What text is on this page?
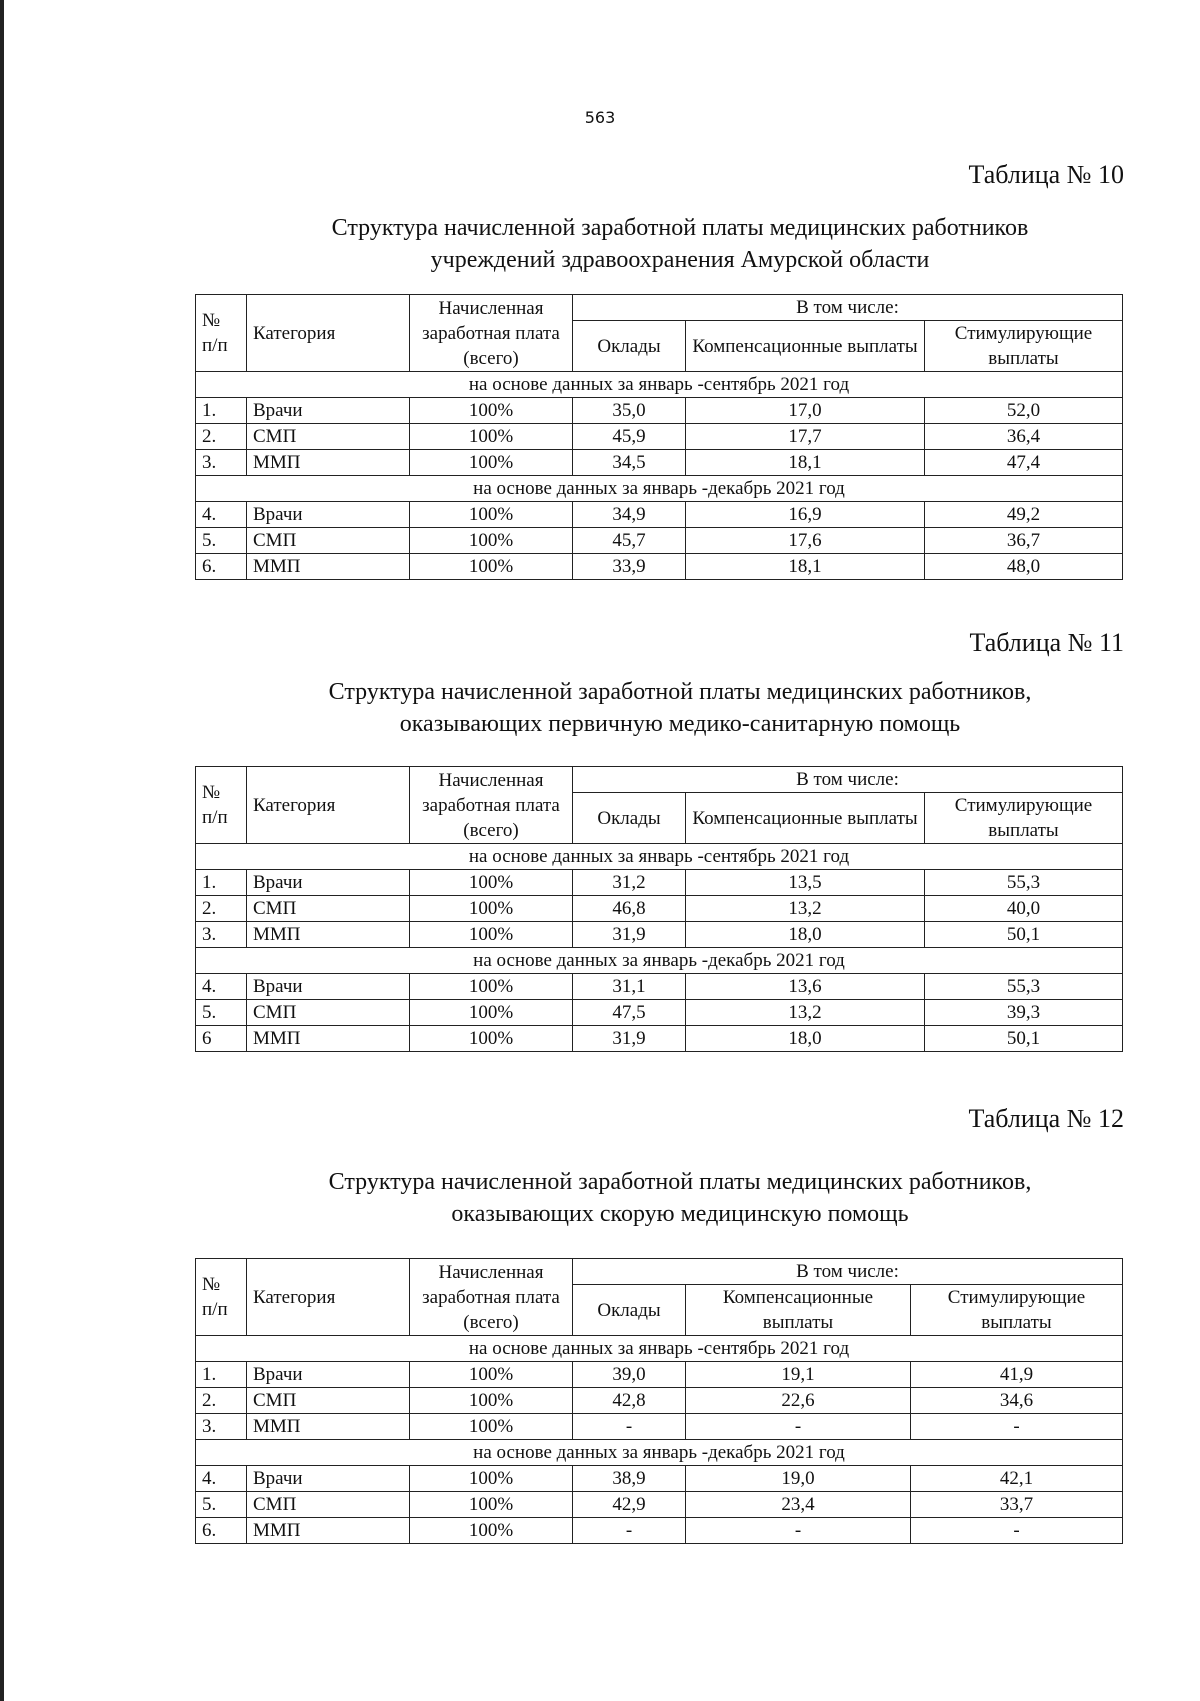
563
Таблица № 10
Структура начисленной заработной платы медицинских работников
учреждений здравоохранения Амурской области
№ п/п	Категория	Начисленная заработная плата (всего)	В том числе:		
			Оклады	Компенсационные выплаты	Стимулирующие выплаты
на основе данных за январь -сентябрь 2021 год					
1.	Врачи	100%	35,0	17,0	52,0
2.	СМП	100%	45,9	17,7	36,4
3.	ММП	100%	34,5	18,1	47,4
на основе данных за январь -декабрь 2021 год					
4.	Врачи	100%	34,9	16,9	49,2
5.	СМП	100%	45,7	17,6	36,7
6.	ММП	100%	33,9	18,1	48,0
Таблица № 11
Структура начисленной заработной платы медицинских работников,
оказывающих первичную медико-санитарную помощь
№ п/п	Категория	Начисленная заработная плата (всего)	В том числе:		
			Оклады	Компенсационные выплаты	Стимулирующие выплаты
на основе данных за январь -сентябрь 2021 год					
1.	Врачи	100%	31,2	13,5	55,3
2.	СМП	100%	46,8	13,2	40,0
3.	ММП	100%	31,9	18,0	50,1
на основе данных за январь -декабрь 2021 год					
4.	Врачи	100%	31,1	13,6	55,3
5.	СМП	100%	47,5	13,2	39,3
6	ММП	100%	31,9	18,0	50,1
Таблица № 12
Структура начисленной заработной платы медицинских работников,
оказывающих скорую медицинскую помощь
№ п/п	Категория	Начисленная заработная плата (всего)	В том числе:		
			Оклады	Компенсационные выплаты	Стимулирующие выплаты
на основе данных за январь -сентябрь 2021 год					
1.	Врачи	100%	39,0	19,1	41,9
2.	СМП	100%	42,8	22,6	34,6
3.	ММП	100%	-	-	-
на основе данных за январь -декабрь 2021 год					
4.	Врачи	100%	38,9	19,0	42,1
5.	СМП	100%	42,9	23,4	33,7
6.	ММП	100%	-	-	-
